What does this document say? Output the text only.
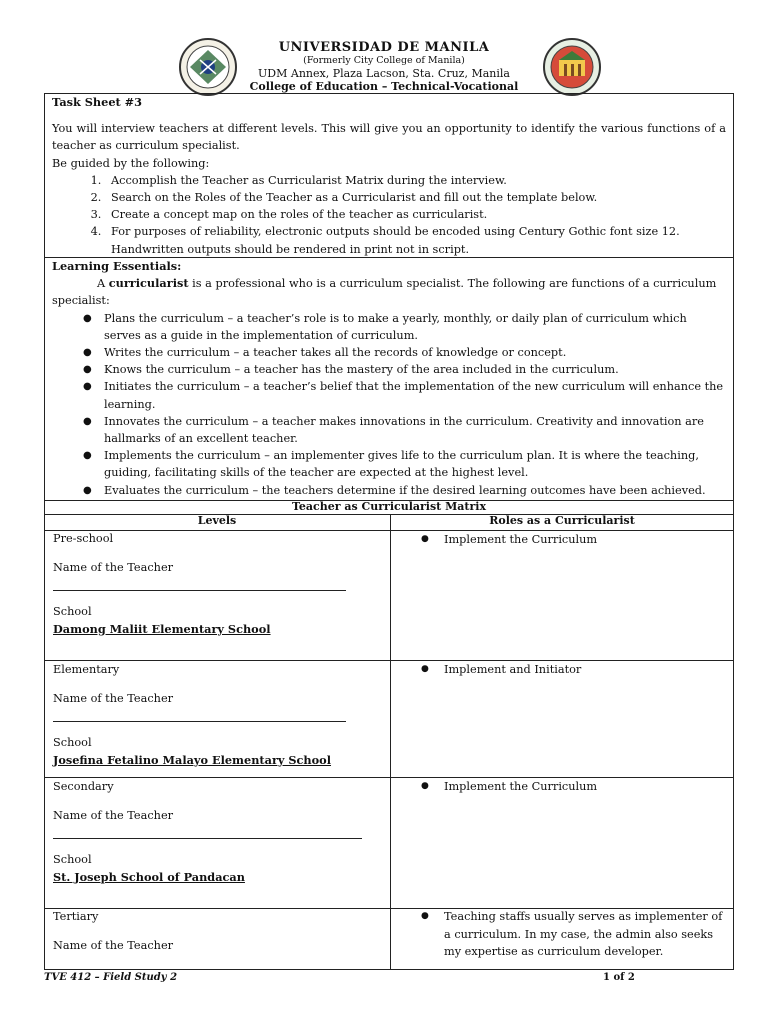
UNIVERSIDAD DE MANILA
(Formerly City College of Manila)
UDM Annex, Plaza Lacson, Sta. Cruz, Manila
College of Education – Technical-Vocational
Task Sheet #3
You will interview teachers at different levels. This will give you an opportunity to identify the various functions of a teacher as curriculum specialist.
Be guided by the following:
1. Accomplish the Teacher as Curricularist Matrix during the interview.
2. Search on the Roles of the Teacher as a Curricularist and fill out the template below.
3. Create a concept map on the roles of the teacher as curricularist.
4. For purposes of reliability, electronic outputs should be encoded using Century Gothic font size 12. Handwritten outputs should be rendered in print not in script.
Learning Essentials:
A curricularist is a professional who is a curriculum specialist. The following are functions of a curriculum specialist:
● Plans the curriculum – a teacher’s role is to make a yearly, monthly, or daily plan of curriculum which serves as a guide in the implementation of curriculum.
● Writes the curriculum – a teacher takes all the records of knowledge or concept.
● Knows the curriculum – a teacher has the mastery of the area included in the curriculum.
● Initiates the curriculum – a teacher’s belief that the implementation of the new curriculum will enhance the learning.
● Innovates the curriculum – a teacher makes innovations in the curriculum. Creativity and innovation are hallmarks of an excellent teacher.
● Implements the curriculum – an implementer gives life to the curriculum plan. It is where the teaching, guiding, facilitating skills of the teacher are expected at the highest level.
● Evaluates the curriculum – the teachers determine if the desired learning outcomes have been achieved.
Teacher as Curricularist Matrix
Levels	Roles as a Curricularist
Pre-school
Name of the Teacher
School
Damong Maliit Elementary School
●	Implement the Curriculum
Elementary
Name of the Teacher
School
Josefina Fetalino Malayo Elementary School
●	Implement and Initiator
Secondary
Name of the Teacher
School
St. Joseph School of Pandacan
●	Implement the Curriculum
Tertiary
Name of the Teacher
●	Teaching staffs usually serves as implementer of a curriculum. In my case, the admin also seeks my expertise as curriculum developer.
TVE 412 – Field Study 2	1 of 2
